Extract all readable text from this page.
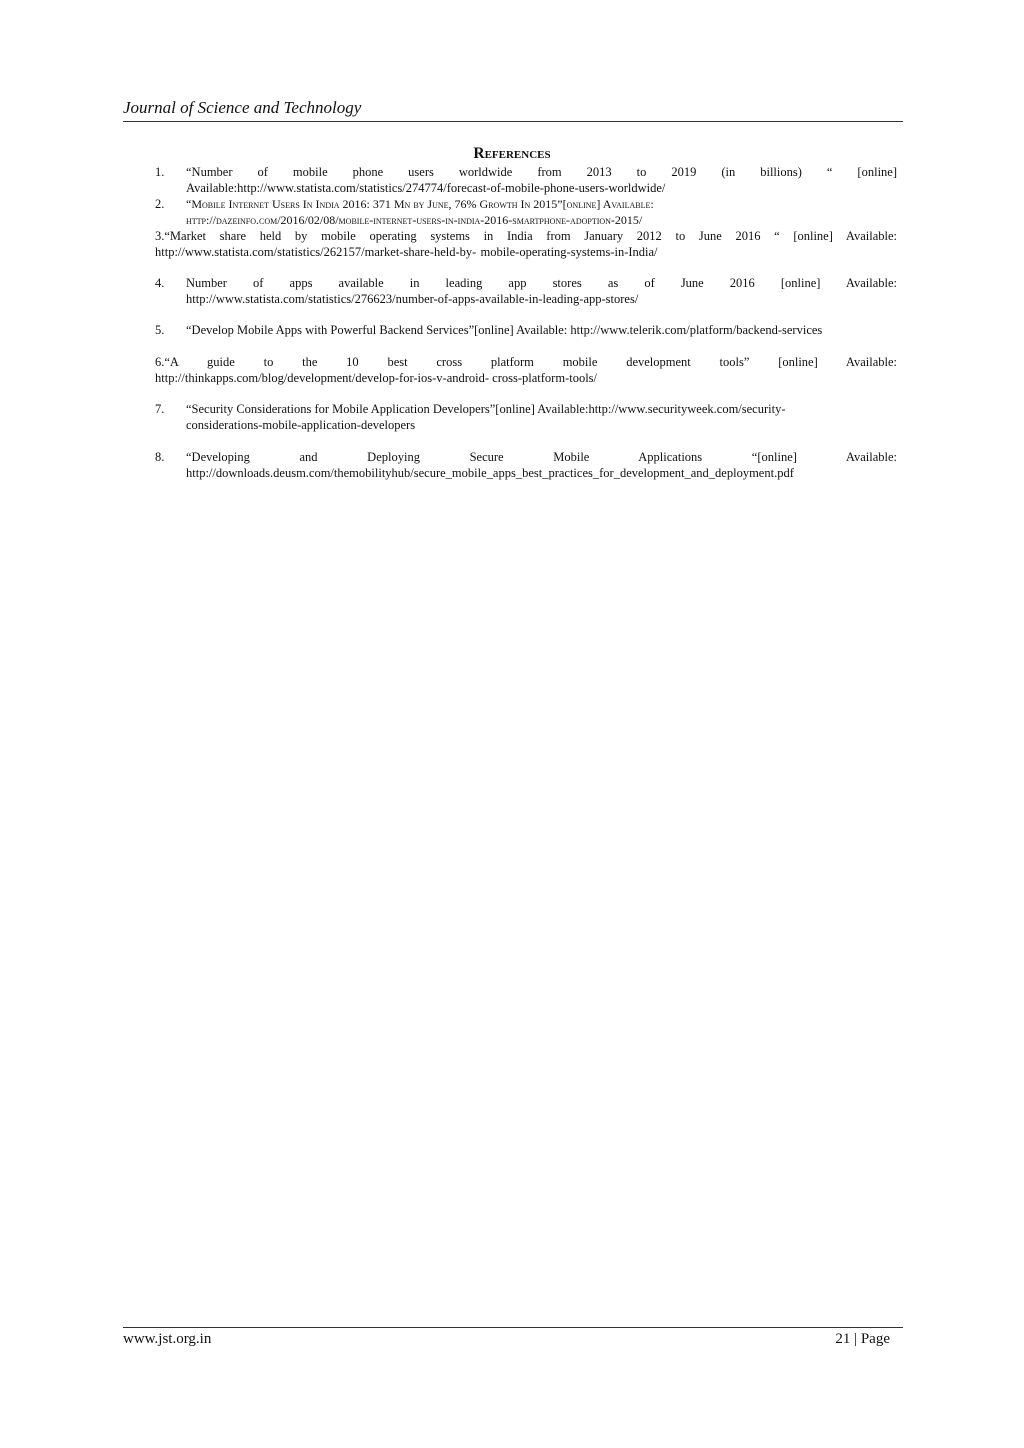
Journal of Science and Technology
References
1. “Number of mobile phone users worldwide from 2013 to 2019 (in billions) “ [online]
Available:http://www.statista.com/statistics/274774/forecast-of-mobile-phone-users-worldwide/
2. “Mobile Internet Users In India 2016: 371 Mn by June, 76% Growth In 2015”[online] Available:
http://dazeinfo.com/2016/02/08/mobile-internet-users-in-india-2016-smartphone-adoption-2015/
3.“Market share held by mobile operating systems in India from January 2012 to June 2016 “ [online] Available:
http://www.statista.com/statistics/262157/market-share-held-by- mobile-operating-systems-in-India/
4. Number of apps available in leading app stores as of June 2016 [online] Available:
http://www.statista.com/statistics/276623/number-of-apps-available-in-leading-app-stores/
5. “Develop Mobile Apps with Powerful Backend Services”[online] Available: http://www.telerik.com/platform/backend-services
6.“A guide to the 10 best cross platform mobile development tools” [online] Available:
http://thinkapps.com/blog/development/develop-for-ios-v-android- cross-platform-tools/
7. “Security Considerations for Mobile Application Developers”[online] Available:http://www.securityweek.com/security-
considerations-mobile-application-developers
8. “Developing and Deploying Secure Mobile Applications “[online] Available:
http://downloads.deusm.com/themobilityhub/secure_mobile_apps_best_practices_for_development_and_deployment.pdf
www.jst.org.in	21 | Page
